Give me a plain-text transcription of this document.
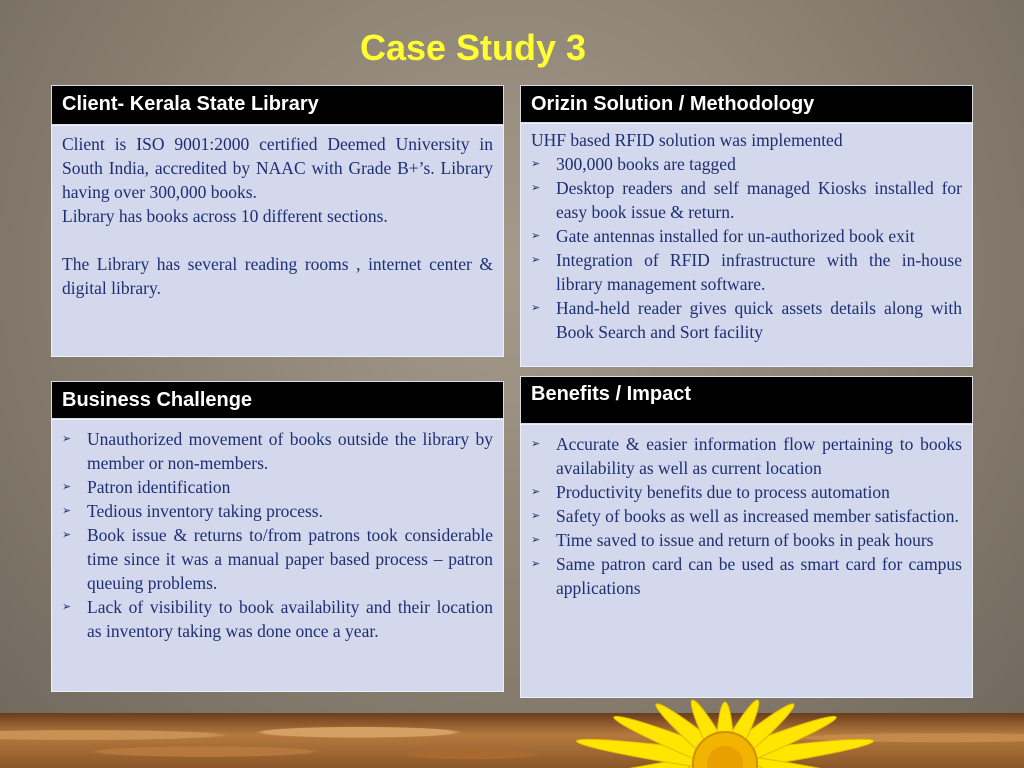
Case Study 3
Client- Kerala State Library

Client is ISO 9001:2000 certified Deemed University in South India, accredited by NAAC with Grade B+’s. Library having over 300,000 books.

Library has books across 10 different sections.

The Library has several reading rooms , internet center & digital library.

Orizin Solution / Methodology
UHF based RFID solution was implemented
➢ 300,000 books are tagged
➢ Desktop readers and self managed Kiosks installed for easy book issue & return.
➢ Gate antennas installed for un-authorized book exit
➢ Integration of RFID infrastructure with the in-house library management software.
➢ Hand-held reader gives quick assets details along with Book Search and Sort facility
Business Challenge
➢ Unauthorized movement of books outside the library by member or non-members.
➢ Patron identification
➢ Tedious inventory taking process.
➢ Book issue & returns to/from patrons took considerable time since it was a manual paper based process – patron queuing problems.
➢ Lack of visibility to book availability and their location as inventory taking was done once a year.
Benefits / Impact
➢ Accurate & easier information flow pertaining to books availability as well as current location
➢ Productivity benefits due to process automation
➢ Safety of books as well as increased member satisfaction.
➢ Time saved to issue and return of books in peak hours
➢ Same patron card can be used as smart card for campus applications
